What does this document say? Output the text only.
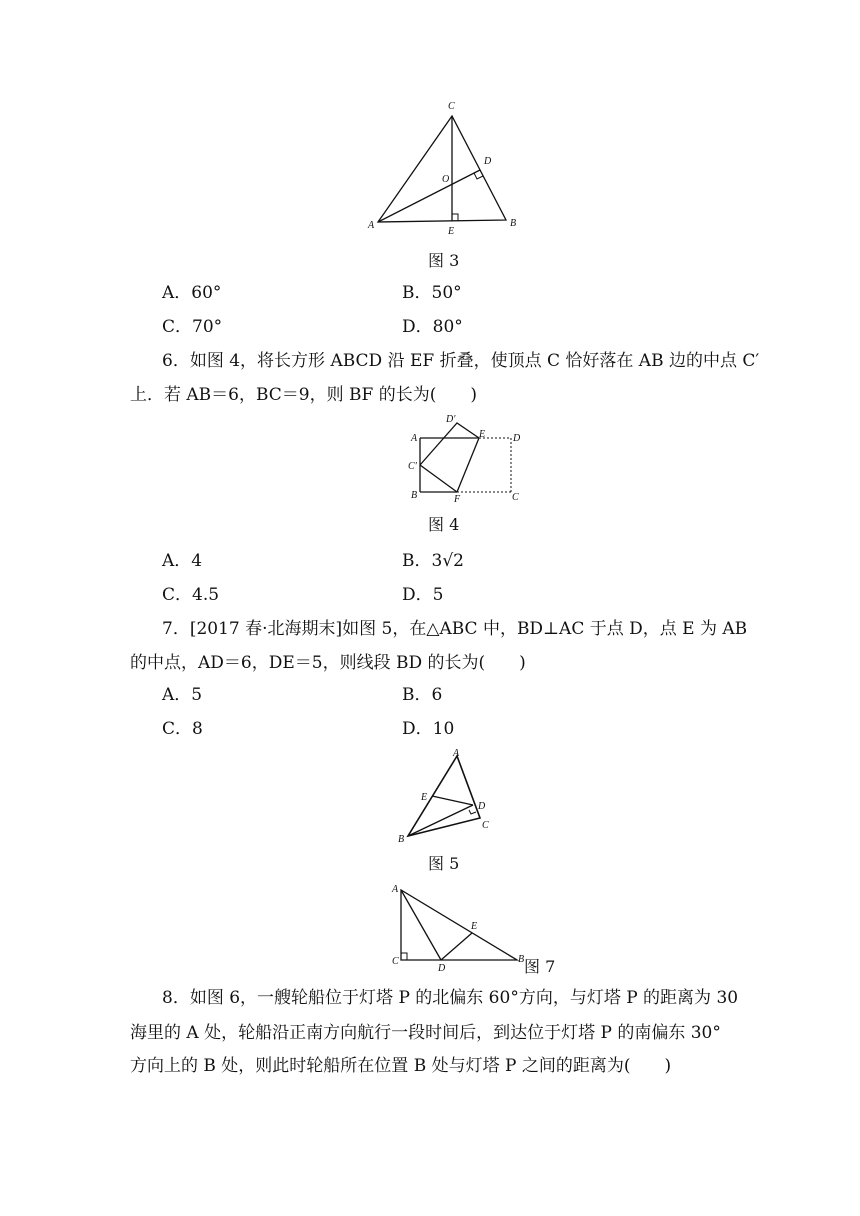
C
D
O
A
E
B
图 3
A．60°	B．50°
C．70°	D．80°
6．如图 4，将长方形 ABCD 沿 EF 折叠，使顶点 C 恰好落在 AB 边的中点 C′
上．若 AB＝6，BC＝9，则 BF 的长为(　　)
A
C′
B
D′
E	D
F	C
图 4
A．4	B．3√2
C．4.5	D．5
7．[2017 春·北海期末]如图 5，在△ABC 中，BD⊥AC 于点 D，点 E 为 AB
的中点，AD＝6，DE＝5，则线段 BD 的长为(　　)
A．5	B．6
C．8	D．10
A
E
D
C
B
图 5
A
E
C
D
B 图 7
8．如图 6，一艘轮船位于灯塔 P 的北偏东 60°方向，与灯塔 P 的距离为 30
海里的 A 处，轮船沿正南方向航行一段时间后，到达位于灯塔 P 的南偏东 30°
方向上的 B 处，则此时轮船所在位置 B 处与灯塔 P 之间的距离为(　　)
